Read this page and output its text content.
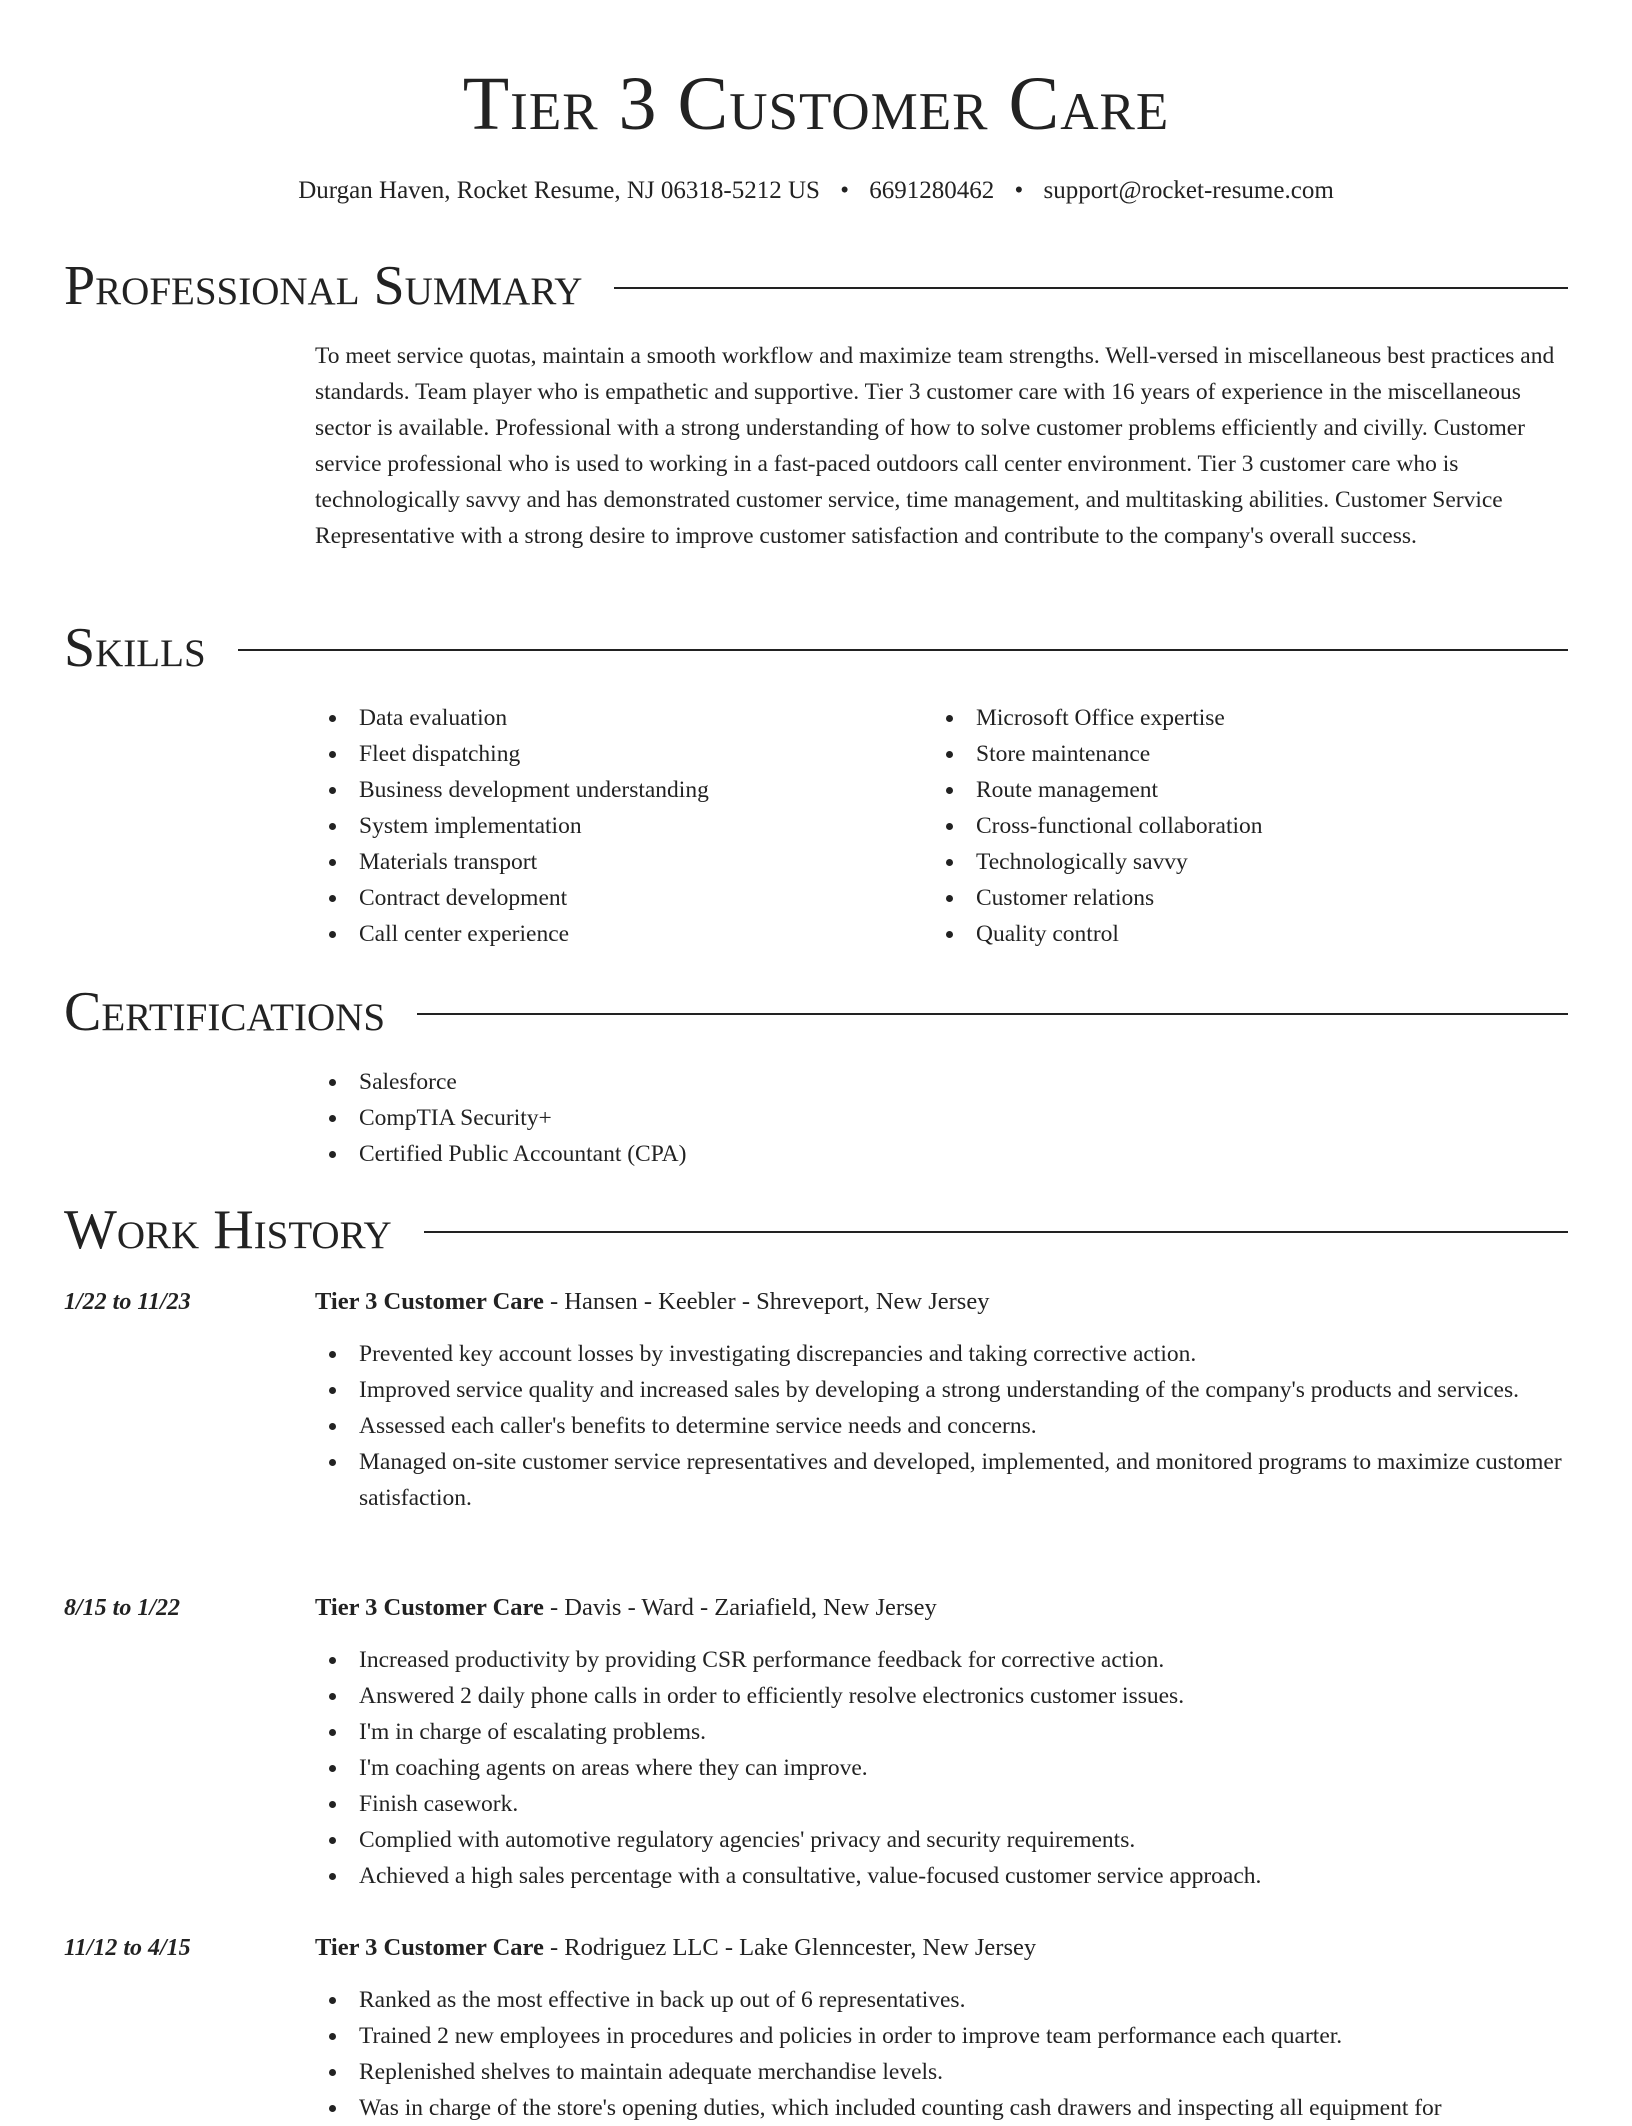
Tier 3 Customer Care
Durgan Haven, Rocket Resume, NJ 06318-5212 US • 6691280462 • support@rocket-resume.com
Professional Summary

To meet service quotas, maintain a smooth workflow and maximize team strengths. Well-versed in miscellaneous best practices and standards. Team player who is empathetic and supportive. Tier 3 customer care with 16 years of experience in the miscellaneous sector is available. Professional with a strong understanding of how to solve customer problems efficiently and civilly. Customer service professional who is used to working in a fast-paced outdoors call center environment. Tier 3 customer care who is technologically savvy and has demonstrated customer service, time management, and multitasking abilities. Customer Service Representative with a strong desire to improve customer satisfaction and contribute to the company's overall success.

Skills
Data evaluation
Fleet dispatching
Business development understanding
System implementation
Materials transport
Contract development
Call center experience
Microsoft Office expertise
Store maintenance
Route management
Cross-functional collaboration
Technologically savvy
Customer relations
Quality control
Certifications
Salesforce
CompTIA Security+
Certified Public Accountant (CPA)
Work History
1/22 to 11/23	Tier 3 Customer Care - Hansen - Keebler - Shreveport, New Jersey
Prevented key account losses by investigating discrepancies and taking corrective action.
Improved service quality and increased sales by developing a strong understanding of the company's products and services.
Assessed each caller's benefits to determine service needs and concerns.
Managed on-site customer service representatives and developed, implemented, and monitored programs to maximize customer satisfaction.
8/15 to 1/22	Tier 3 Customer Care - Davis - Ward - Zariafield, New Jersey
Increased productivity by providing CSR performance feedback for corrective action.
Answered 2 daily phone calls in order to efficiently resolve electronics customer issues.
I'm in charge of escalating problems.
I'm coaching agents on areas where they can improve.
Finish casework.
Complied with automotive regulatory agencies' privacy and security requirements.
Achieved a high sales percentage with a consultative, value-focused customer service approach.
11/12 to 4/15	Tier 3 Customer Care - Rodriguez LLC - Lake Glenncester, New Jersey
Ranked as the most effective in back up out of 6 representatives.
Trained 2 new employees in procedures and policies in order to improve team performance each quarter.
Replenished shelves to maintain adequate merchandise levels.
Was in charge of the store's opening duties, which included counting cash drawers and inspecting all equipment for
